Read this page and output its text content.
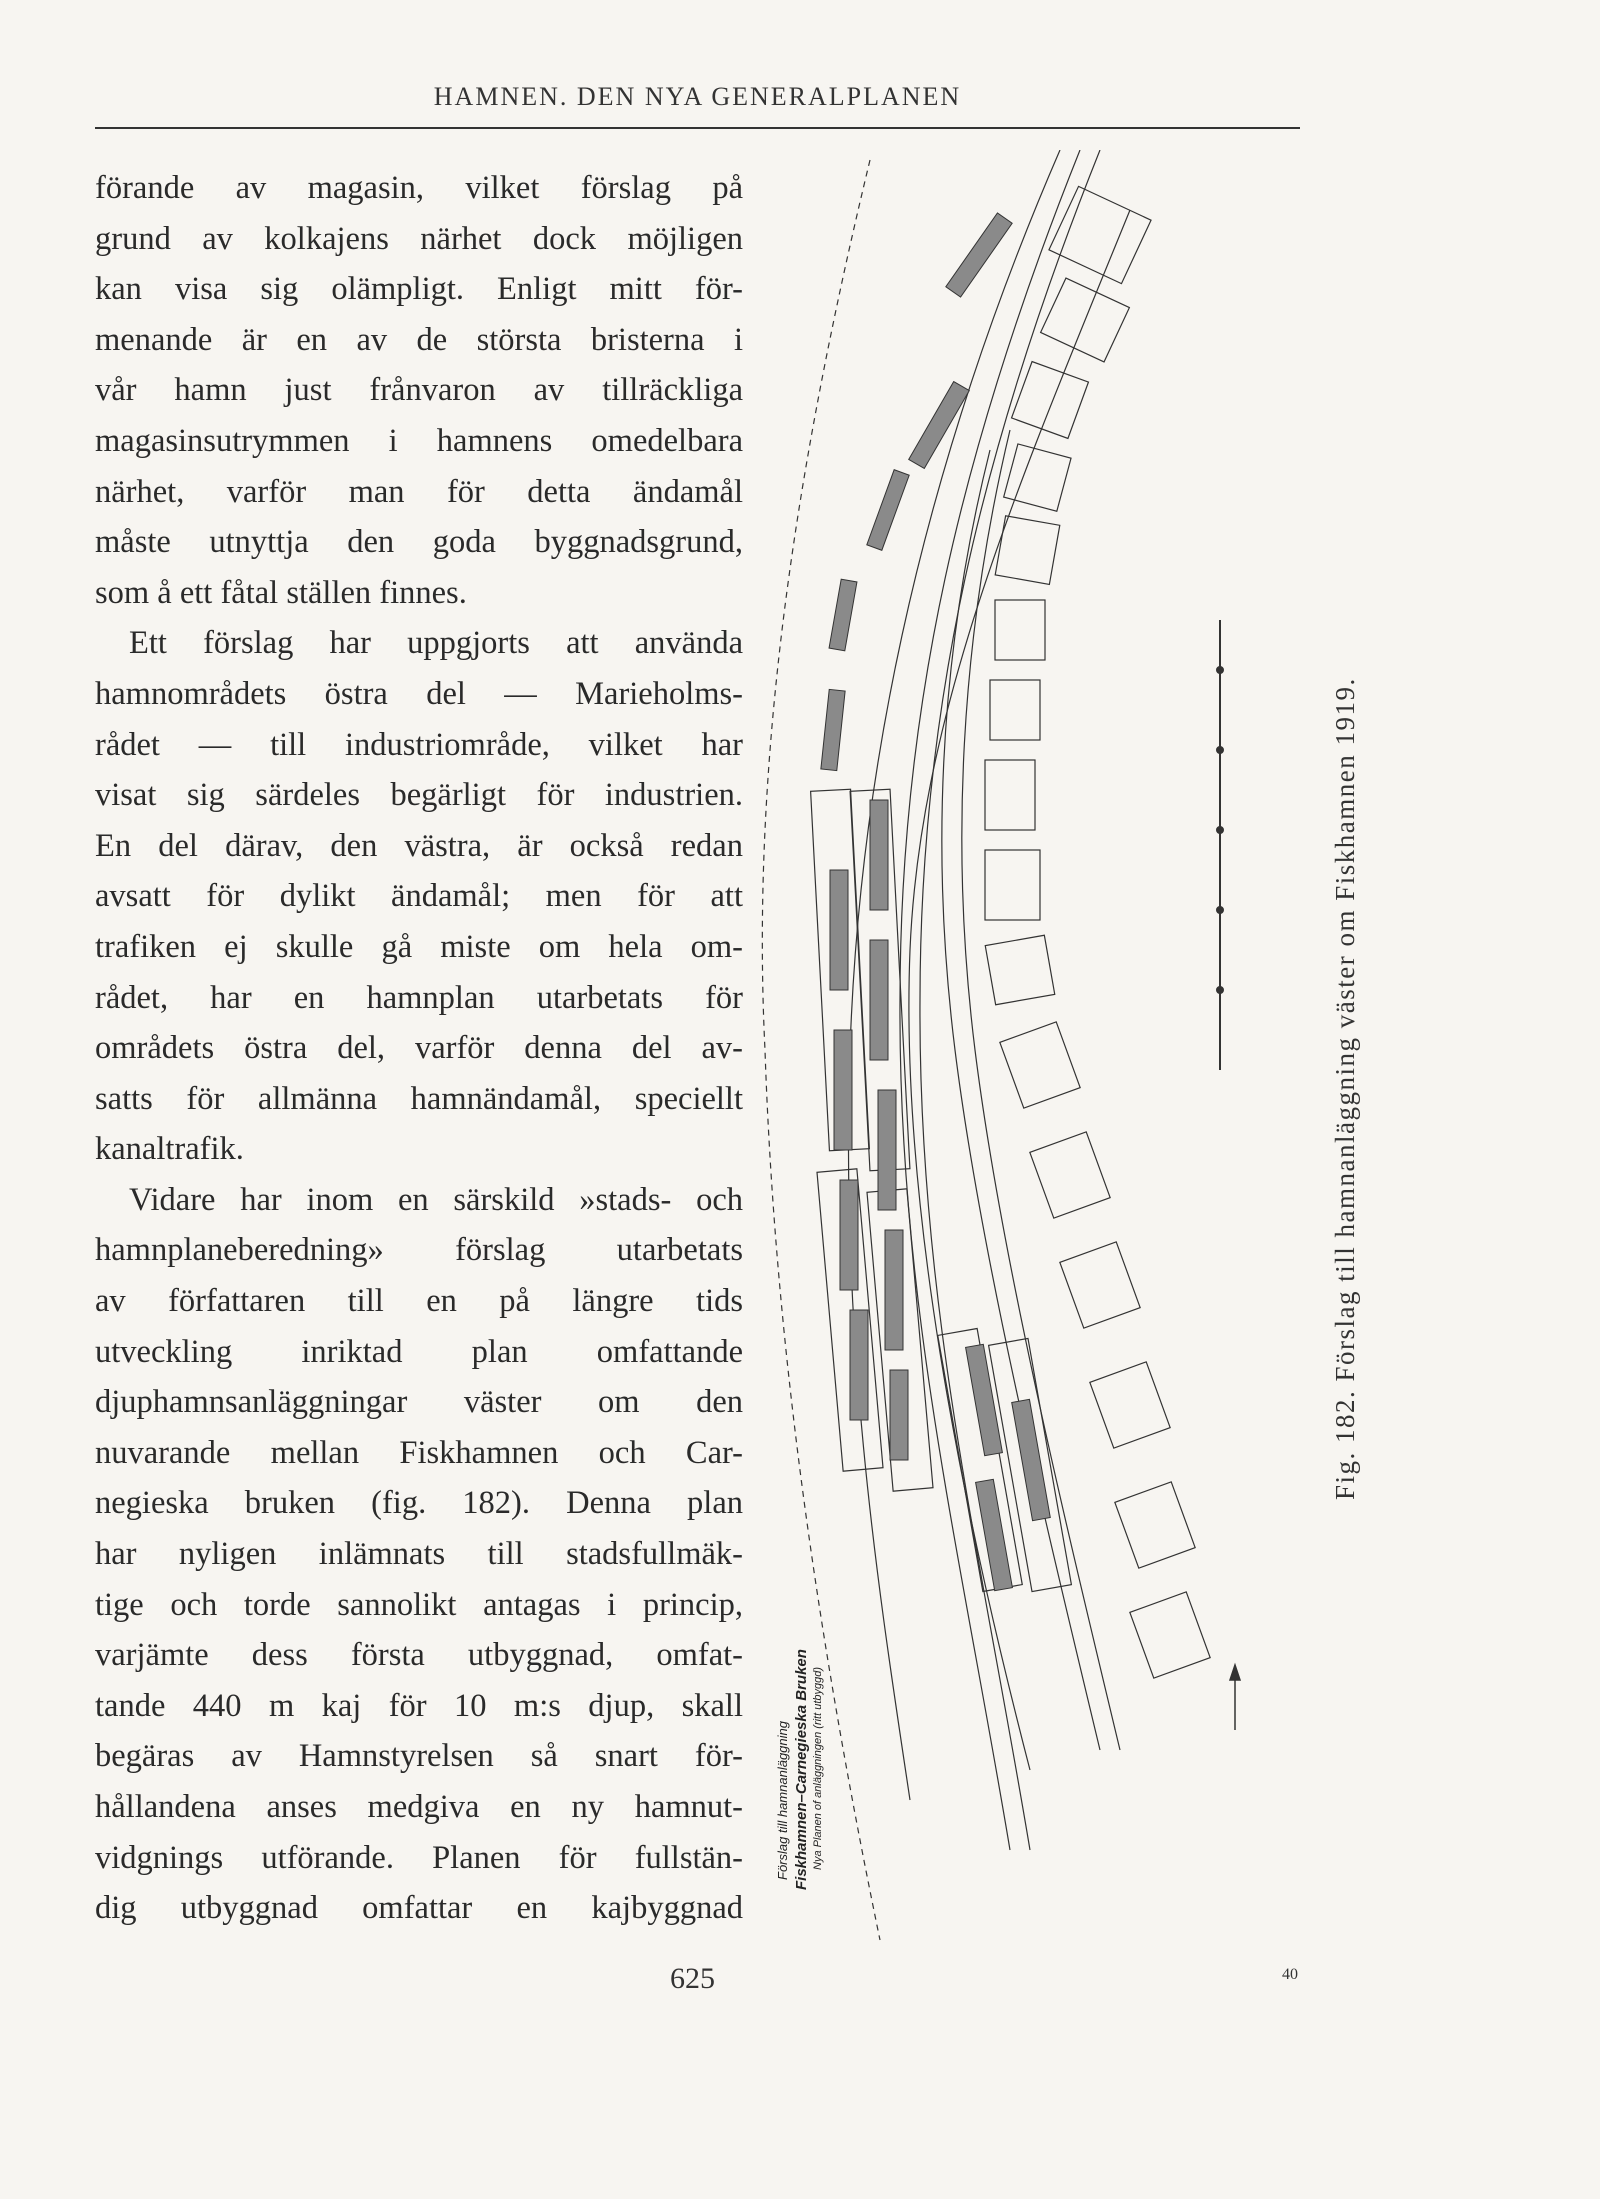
HAMNEN. DEN NYA GENERALPLANEN
förande av magasin, vilket förslag på
grund av kolkajens närhet dock möjligen
kan visa sig olämpligt. Enligt mitt för-
menande är en av de största bristerna i
vår hamn just frånvaron av tillräckliga
magasinsutrymmen i hamnens omedelbara
närhet, varför man för detta ändamål
måste utnyttja den goda byggnadsgrund,
som å ett fåtal ställen finnes.
Ett förslag har uppgjorts att använda
hamnområdets östra del — Marieholms-
rådet — till industriområde, vilket har
visat sig särdeles begärligt för industrien.
En del därav, den västra, är också redan
avsatt för dylikt ändamål; men för att
trafiken ej skulle gå miste om hela om-
rådet, har en hamnplan utarbetats för
områdets östra del, varför denna del av-
satts för allmänna hamnändamål, speciellt
kanaltrafik.
Vidare har inom en särskild »stads- och
hamnplaneberedning» förslag utarbetats
av författaren till en på längre tids
utveckling inriktad plan omfattande
djuphamnsanläggningar väster om den
nuvarande mellan Fiskhamnen och Car-
negieska bruken (fig. 182). Denna plan
har nyligen inlämnats till stadsfullmäk-
tige och torde sannolikt antagas i princip,
varjämte dess första utbyggnad, omfat-
tande 440 m kaj för 10 m:s djup, skall
begäras av Hamnstyrelsen så snart för-
hållandena anses medgiva en ny hamnut-
vidgnings utförande. Planen för fullstän-
dig utbyggnad omfattar en kajbyggnad
Förslag till hamnanläggning Fiskhamnen–Carnegieska Bruken Nya Planen of anläggningen (ritt utbyggd)
Fig. 182. Förslag till hamnanläggning väster om Fiskhamnen 1919.
625	40
